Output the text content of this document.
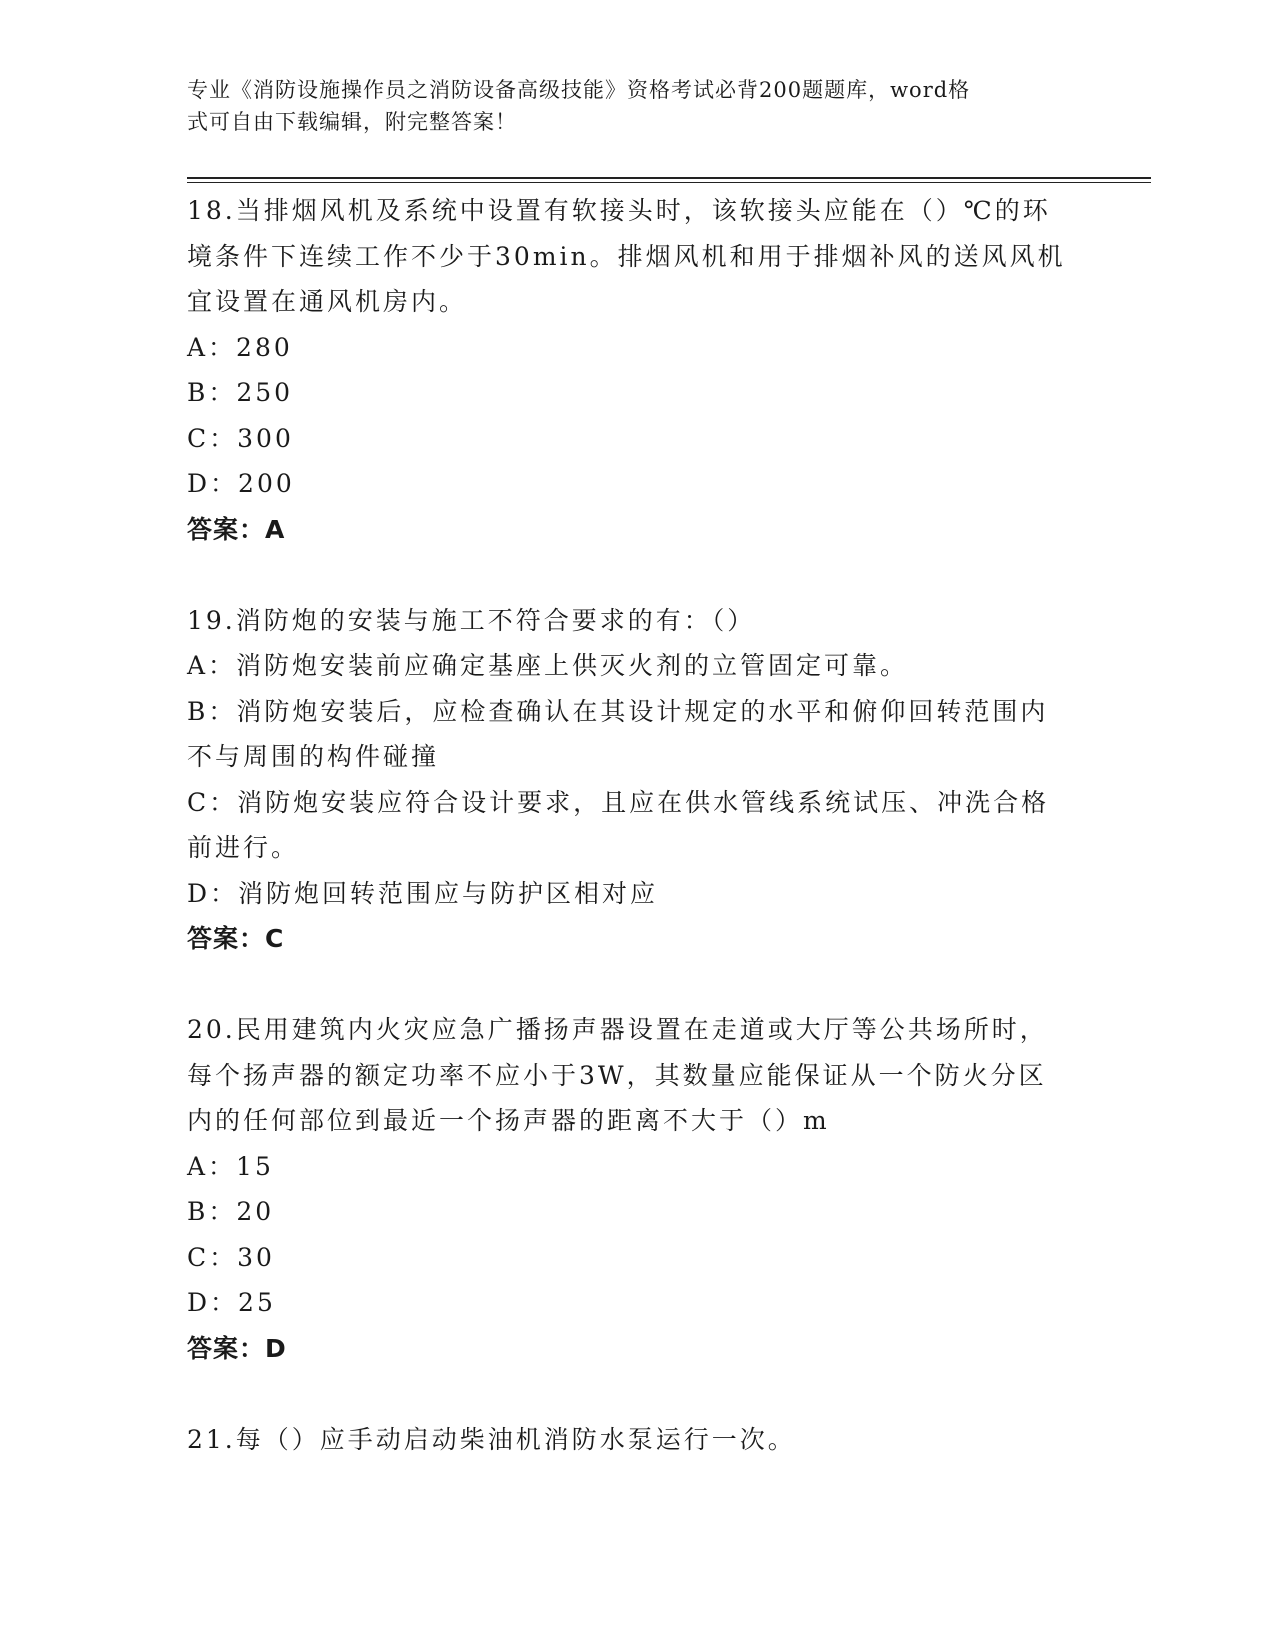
专业《消防设施操作员之消防设备高级技能》资格考试必背200题题库，word格
式可自由下载编辑，附完整答案！

18.当排烟风机及系统中设置有软接头时，该软接头应能在（）℃的环

境条件下连续工作不少于30min。排烟风机和用于排烟补风的送风风机

宜设置在通风机房内。

A：280

B：250

C：300

D：200

答案：A

19.消防炮的安装与施工不符合要求的有：（）

A：消防炮安装前应确定基座上供灭火剂的立管固定可靠。

B：消防炮安装后，应检查确认在其设计规定的水平和俯仰回转范围内

不与周围的构件碰撞

C：消防炮安装应符合设计要求，且应在供水管线系统试压、冲洗合格

前进行。

D：消防炮回转范围应与防护区相对应

答案：C

20.民用建筑内火灾应急广播扬声器设置在走道或大厅等公共场所时，

每个扬声器的额定功率不应小于3W，其数量应能保证从一个防火分区

内的任何部位到最近一个扬声器的距离不大于（）m

A：15

B：20

C：30

D：25

答案：D

21.每（）应手动启动柴油机消防水泵运行一次。
